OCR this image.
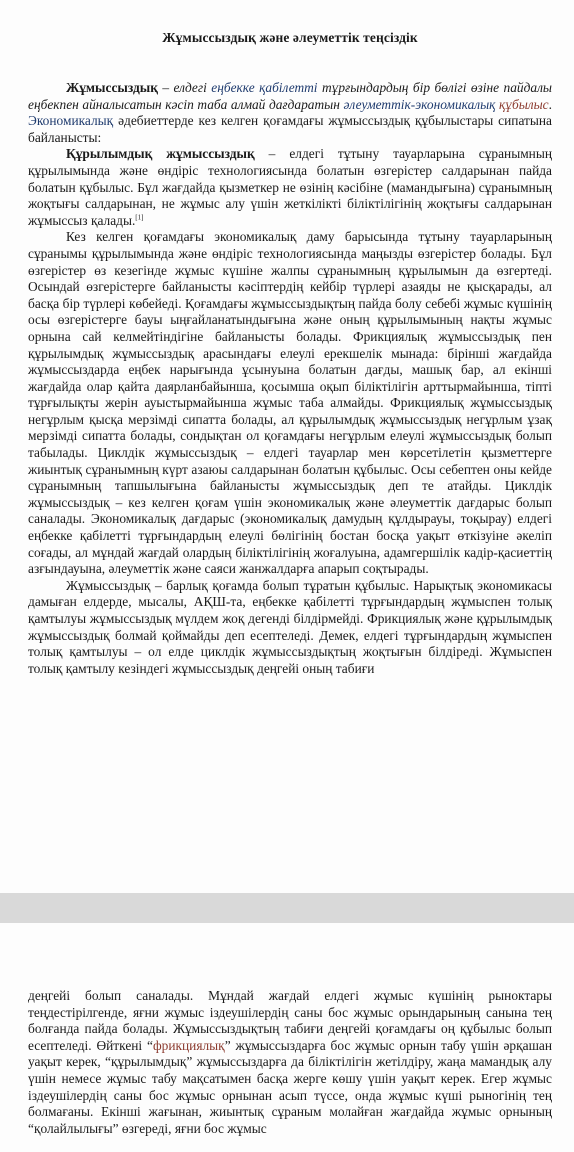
Жұмыссыздық және әлеуметтік теңсіздік

Жұмыссыздық – елдегі еңбекке қабілетті тұрғындардың бір бөлігі өзіне пайдалы еңбекпен айналысатын кәсіп таба алмай дағдаратын әлеуметтік-экономикалық құбылыс. Экономикалық әдебиеттерде кез келген қоғамдағы жұмыссыздық құбылыстары сипатына байланысты:

Құрылымдық жұмыссыздық – елдегі тұтыну тауарларына сұранымның құрылымында және өндіріс технологиясында болатын өзгерістер салдарынан пайда болатын құбылыс. Бұл жағдайда қызметкер не өзінің кәсібіне (мамандығына) сұранымның жоқтығы салдарынан, не жұмыс алу үшін жеткілікті біліктілігінің жоқтығы салдарынан жұмыссыз қалады.[1]

Кез келген қоғамдағы экономикалық даму барысында тұтыну тауарларының сұранымы құрылымында және өндіріс технологиясында маңызды өзгерістер болады. Бұл өзгерістер өз кезегінде жұмыс күшіне жалпы сұранымның құрылымын да өзгертеді. Осындай өзгерістерге байланысты кәсіптердің кейбір түрлері азаяды не қысқарады, ал басқа бір түрлері көбейеді. Қоғамдағы жұмыссыздықтың пайда болу себебі жұмыс күшінің осы өзгерістерге бауы ыңғайланатындығына және оның құрылымының нақты жұмыс орнына сай келмейтіндігіне байланысты болады. Фрикциялық жұмыссыздық пен құрылымдық жұмыссыздық арасындағы елеулі ерекшелік мынада: бірінші жағдайда жұмыссыздарда еңбек нарығында ұсынуына болатын дағды, машық бар, ал екінші жағдайда олар қайта даярланбайынша, қосымша оқып біліктілігін арттырмайынша, тіпті тұрғылықты жерін ауыстырмайынша жұмыс таба алмайды. Фрикциялық жұмыссыздық негұрлым қысқа мерзімді сипатта болады, ал құрылымдық жұмыссыздық негұрлым ұзақ мерзімді сипатта болады, сондықтан ол қоғамдағы негұрлым елеулі жұмыссыздық болып табылады. Циклдік жұмыссыздық – елдегі тауарлар мен көрсетілетін қызметтерге жиынтық сұранымның күрт азаюы салдарынан болатын құбылыс. Осы себептен оны кейде сұранымның тапшылығына байланысты жұмыссыздық деп те атайды. Циклдік жұмыссыздық – кез келген қоғам үшін экономикалық және әлеуметтік дағдарыс болып саналады. Экономикалық дағдарыс (экономикалық дамудың құлдырауы, тоқырау) елдегі еңбекке қабілетті тұрғындардың елеулі бөлігінің бостан босқа уақыт өткізуіне әкеліп соғады, ал мұндай жағдай олардың біліктілігінің жоғалуына, адамгершілік кадір-қасиеттің азғындауына, әлеуметтік және саяси жанжалдарға апарып соқтырады.

Жұмыссыздық – барлық қоғамда болып тұратын құбылыс. Нарықтық экономикасы дамыған елдерде, мысалы, АҚШ-та, еңбекке қабілетті тұрғындардың жұмыспен толық қамтылуы жұмыссыздық мүлдем жоқ дегенді білдірмейді. Фрикциялық және құрылымдық жұмыссыздық болмай қоймайды деп есептеледі. Демек, елдегі тұрғындардың жұмыспен толық қамтылуы – ол елде циклдік жұмыссыздықтың жоқтығын білдіреді. Жұмыспен толық қамтылу кезіндегі жұмыссыздық деңгейі оның табиғи

деңгейі болып саналады. Мұндай жағдай елдегі жұмыс күшінің рыноктары теңдестірілгенде, яғни жұмыс іздеушілердің саны бос жұмыс орындарының санына тең болғанда пайда болады. Жұмыссыздықтың табиғи деңгейі қоғамдағы оң құбылыс болып есептеледі. Өйткені “фрикциялық” жұмыссыздарға бос жұмыс орнын табу үшін әрқашан уақыт керек, “құрылымдық” жұмыссыздарға да біліктілігін жетілдіру, жаңа мамандық алу үшін немесе жұмыс табу мақсатымен басқа жерге көшу үшін уақыт керек. Егер жұмыс іздеушілердің саны бос жұмыс орнынан асып түссе, онда жұмыс күші рыногінің тең болмағаны. Екінші жағынан, жиынтық сұраным молайған жағдайда жұмыс орнының “қолайлылығы” өзгереді, яғни бос жұмыс
